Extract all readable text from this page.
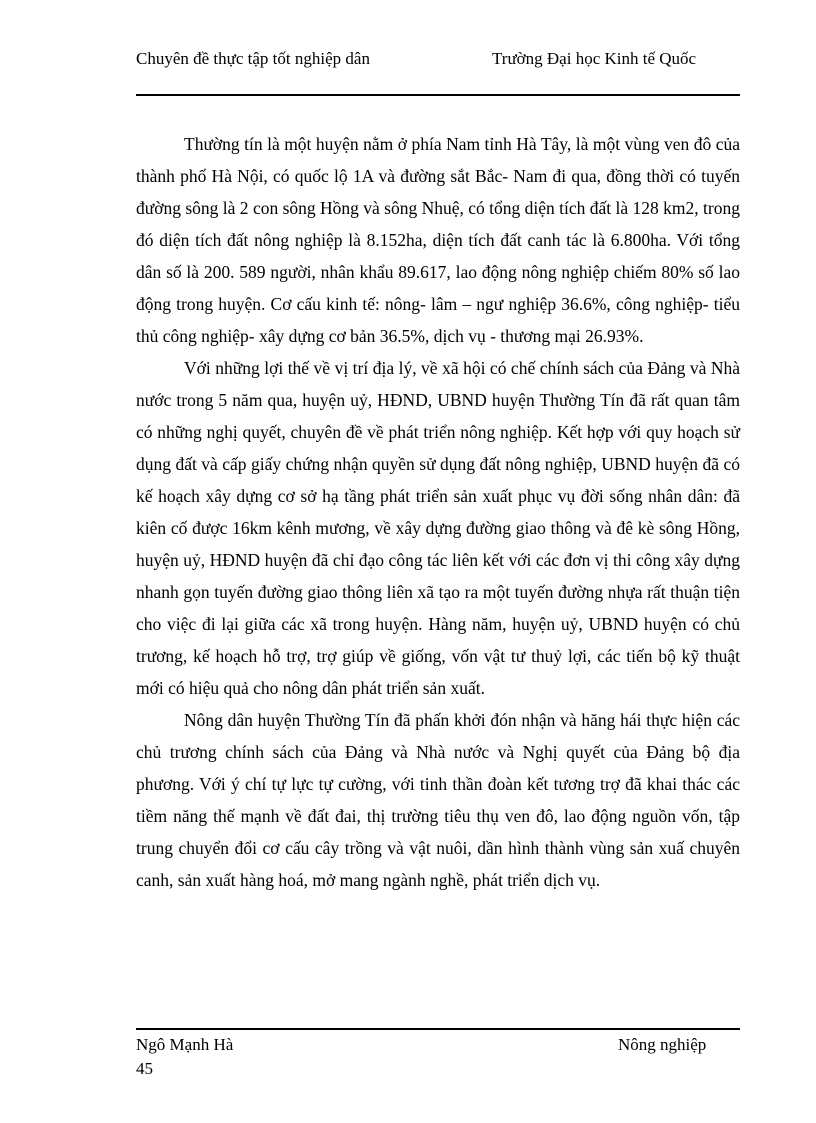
Chuyên đề thực tập tốt nghiệp dân	Trường Đại học Kinh tế Quốc

Thường tín là một huyện nằm ở phía Nam tỉnh Hà Tây, là một vùng ven đô của thành phố Hà Nội, có quốc lộ 1A và đường sắt Bắc- Nam đi qua, đồng thời có tuyến đường sông là 2 con sông Hồng và sông Nhuệ, có tổng diện tích đất là 128 km2, trong đó diện tích đất nông nghiệp là 8.152ha, diện tích đất canh tác là 6.800ha. Với tổng dân số là 200. 589 người, nhân khẩu 89.617, lao động nông nghiệp chiếm 80% số lao động trong huyện. Cơ cấu kinh tế: nông- lâm – ngư nghiệp 36.6%, công nghiệp- tiểu thủ công nghiệp- xây dựng cơ bản 36.5%, dịch vụ - thương mại 26.93%.

Với những lợi thế về vị trí địa lý, về xã hội có chế chính sách của Đảng và Nhà nước trong 5 năm qua, huyện uỷ, HĐND, UBND huyện Thường Tín đã rất quan tâm có những nghị quyết, chuyên đề về phát triển nông nghiệp. Kết hợp với quy hoạch sử dụng đất và cấp giấy chứng nhận quyền sử dụng đất nông nghiệp, UBND huyện đã có kế hoạch xây dựng cơ sở hạ tầng phát triển sản xuất phục vụ đời sống nhân dân: đã kiên cố được 16km kênh mương, về xây dựng đường giao thông và đê kè sông Hồng, huyện uỷ, HĐND huyện đã chỉ đạo công tác liên kết với các đơn vị thi công xây dựng nhanh gọn tuyến đường giao thông liên xã tạo ra một tuyến đường nhựa rất thuận tiện cho việc đi lại giữa các xã trong huyện. Hàng năm, huyện uỷ, UBND huyện có chủ trương, kế hoạch hỗ trợ, trợ giúp về giống, vốn vật tư thuỷ lợi, các tiến bộ kỹ thuật mới có hiệu quả cho nông dân phát triển sản xuất.

Nông dân huyện Thường Tín đã phấn khởi đón nhận và hăng hái thực hiện các chủ trương chính sách của Đảng và Nhà nước và Nghị quyết của Đảng bộ địa phương. Với ý chí tự lực tự cường, với tinh thần đoàn kết tương trợ đã khai thác các tiềm năng thế mạnh về đất đai, thị trường tiêu thụ ven đô, lao động nguồn vốn, tập trung chuyển đổi cơ cấu cây trồng và vật nuôi, dần hình thành vùng sản xuấ chuyên canh, sản xuất hàng hoá, mở mang ngành nghề, phát triển dịch vụ.

Ngô Mạnh Hà
45
Nông nghiệp
